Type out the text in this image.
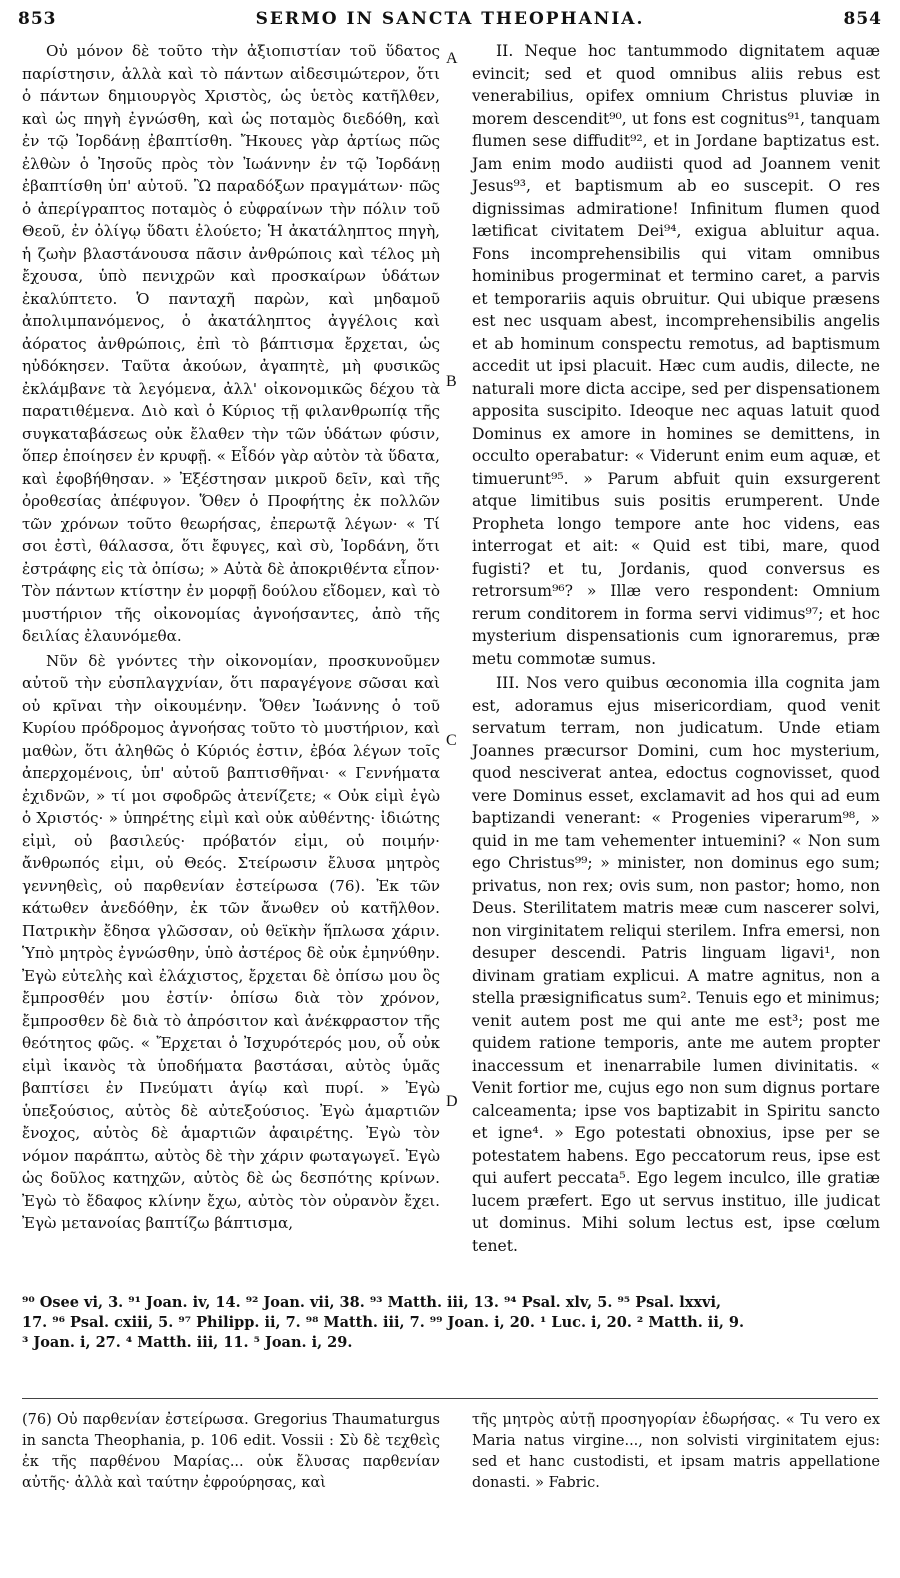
853	SERMO IN SANCTA THEOPHANIA.	854

Οὐ μόνον δὲ τοῦτο τὴν ἀξιοπιστίαν τοῦ ὕδατος παρίστησιν, ἀλλὰ καὶ τὸ πάντων αἰδεσιμώτερον, ὅτι ὁ πάντων δημιουργὸς Χριστὸς, ὡς ὑετὸς κατῆλθεν, καὶ ὡς πηγὴ ἐγνώσθη, καὶ ὡς ποταμὸς διεδόθη, καὶ ἐν τῷ Ἰορδάνῃ ἐβαπτίσθη. Ἤκουες γὰρ ἀρτίως πῶς ἐλθὼν ὁ Ἰησοῦς πρὸς τὸν Ἰωάννην ἐν τῷ Ἰορδάνῃ ἐβαπτίσθη ὑπ' αὐτοῦ. Ὢ παραδόξων πραγμάτων· πῶς ὁ ἀπερίγραπτος ποταμὸς ὁ εὐφραίνων τὴν πόλιν τοῦ Θεοῦ, ἐν ὀλίγῳ ὕδατι ἐλούετο; Ἡ ἀκατάληπτος πηγὴ, ἡ ζωὴν βλαστάνουσα πᾶσιν ἀνθρώποις καὶ τέλος μὴ ἔχουσα, ὑπὸ πενιχρῶν καὶ προσκαίρων ὑδάτων ἐκαλύπτετο. Ὁ πανταχῆ παρὼν, καὶ μηδαμοῦ ἀπολιμπανόμενος, ὁ ἀκατάληπτος ἀγγέλοις καὶ ἀόρατος ἀνθρώποις, ἐπὶ τὸ βάπτισμα ἔρχεται, ὡς ηὐδόκησεν. Ταῦτα ἀκούων, ἀγαπητὲ, μὴ φυσικῶς ἐκλάμβανε τὰ λεγόμενα, ἀλλ' οἰκονομικῶς δέχου τὰ παρατιθέμενα. Διὸ καὶ ὁ Κύριος τῇ φιλανθρωπίᾳ τῆς συγκαταβάσεως οὐκ ἔλαθεν τὴν τῶν ὑδάτων φύσιν, ὅπερ ἐποίησεν ἐν κρυφῇ. « Εἶδόν γὰρ αὐτὸν τὰ ὕδατα, καὶ ἐφοβήθησαν. » Ἐξέστησαν μικροῦ δεῖν, καὶ τῆς ὀροθεσίας ἀπέφυγον. Ὅθεν ὁ Προφήτης ἐκ πολλῶν τῶν χρόνων τοῦτο θεωρήσας, ἐπερωτᾷ λέγων· « Τί σοι ἐστὶ, θάλασσα, ὅτι ἔφυγες, καὶ σὺ, Ἰορδάνη, ὅτι ἐστράφης εἰς τὰ ὀπίσω; » Αὐτὰ δὲ ἀποκριθέντα εἶπον· Τὸν πάντων κτίστην ἐν μορφῇ δούλου εἴδομεν, καὶ τὸ μυστήριον τῆς οἰκονομίας ἀγνοήσαντες, ἀπὸ τῆς δειλίας ἐλαυνόμεθα.

Νῦν δὲ γνόντες τὴν οἰκονομίαν, προσκυνοῦμεν αὐτοῦ τὴν εὐσπλαγχνίαν, ὅτι παραγέγονε σῶσαι καὶ οὐ κρῖναι τὴν οἰκουμένην. Ὅθεν Ἰωάννης ὁ τοῦ Κυρίου πρόδρομος ἀγνοήσας τοῦτο τὸ μυστήριον, καὶ μαθὼν, ὅτι ἀληθῶς ὁ Κύριός ἐστιν, ἐβόα λέγων τοῖς ἀπερχομένοις, ὑπ' αὐτοῦ βαπτισθῆναι· « Γεννήματα ἐχιδνῶν, » τί μοι σφοδρῶς ἀτενίζετε; « Οὐκ εἰμὶ ἐγὼ ὁ Χριστός· » ὑπηρέτης εἰμὶ καὶ οὐκ αὐθέντης· ἰδιώτης εἰμὶ, οὐ βασιλεύς· πρόβατόν εἰμι, οὐ ποιμήν· ἄνθρωπός εἰμι, οὐ Θεός. Στείρωσιν ἔλυσα μητρὸς γεννηθεὶς, οὐ παρθενίαν ἐστείρωσα (76). Ἐκ τῶν κάτωθεν ἀνεδόθην, ἐκ τῶν ἄνωθεν οὐ κατῆλθον. Πατρικὴν ἔδησα γλῶσσαν, οὐ θεϊκὴν ἥπλωσα χάριν. Ὑπὸ μητρὸς ἐγνώσθην, ὑπὸ ἀστέρος δὲ οὐκ ἐμηνύθην. Ἐγὼ εὐτελὴς καὶ ἐλάχιστος, ἔρχεται δὲ ὀπίσω μου ὃς ἔμπροσθέν μου ἐστίν· ὀπίσω διὰ τὸν χρόνον, ἔμπροσθεν δὲ διὰ τὸ ἀπρόσιτον καὶ ἀνέκφραστον τῆς θεότητος φῶς. « Ἔρχεται ὁ Ἰσχυρότερός μου, οὗ οὐκ εἰμὶ ἱκανὸς τὰ ὑποδήματα βαστάσαι, αὐτὸς ὑμᾶς βαπτίσει ἐν Πνεύματι ἁγίῳ καὶ πυρί. » Ἐγὼ ὑπεξούσιος, αὐτὸς δὲ αὐτεξούσιος. Ἐγὼ ἁμαρτιῶν ἔνοχος, αὐτὸς δὲ ἁμαρτιῶν ἀφαιρέτης. Ἐγὼ τὸν νόμον παράπτω, αὐτὸς δὲ τὴν χάριν φωταγωγεῖ. Ἐγὼ ὡς δοῦλος κατηχῶν, αὐτὸς δὲ ὡς δεσπότης κρίνων. Ἐγὼ τὸ ἔδαφος κλίνην ἔχω, αὐτὸς τὸν οὐρανὸν ἔχει. Ἐγὼ μετανοίας βαπτίζω βάπτισμα,

A
B
C
D

II. Neque hoc tantummodo dignitatem aquæ evincit; sed et quod omnibus aliis rebus est venerabilius, opifex omnium Christus pluviæ in morem descendit⁹⁰, ut fons est cognitus⁹¹, tanquam flumen sese diffudit⁹², et in Jordane baptizatus est. Jam enim modo audiisti quod ad Joannem venit Jesus⁹³, et baptismum ab eo suscepit. O res dignissimas admiratione! Infinitum flumen quod lætificat civitatem Dei⁹⁴, exigua abluitur aqua. Fons incomprehensibilis qui vitam omnibus hominibus progerminat et termino caret, a parvis et temporariis aquis obruitur. Qui ubique præsens est nec usquam abest, incomprehensibilis angelis et ab hominum conspectu remotus, ad baptismum accedit ut ipsi placuit. Hæc cum audis, dilecte, ne naturali more dicta accipe, sed per dispensationem apposita suscipito. Ideoque nec aquas latuit quod Dominus ex amore in homines se demittens, in occulto operabatur: « Viderunt enim eum aquæ, et timuerunt⁹⁵. » Parum abfuit quin exsurgerent atque limitibus suis positis erumperent. Unde Propheta longo tempore ante hoc videns, eas interrogat et ait: « Quid est tibi, mare, quod fugisti? et tu, Jordanis, quod conversus es retrorsum⁹⁶? » Illæ vero respondent: Omnium rerum conditorem in forma servi vidimus⁹⁷; et hoc mysterium dispensationis cum ignoraremus, præ metu commotæ sumus.

III. Nos vero quibus œconomia illa cognita jam est, adoramus ejus misericordiam, quod venit servatum terram, non judicatum. Unde etiam Joannes præcursor Domini, cum hoc mysterium, quod nesciverat antea, edoctus cognovisset, quod vere Dominus esset, exclamavit ad hos qui ad eum baptizandi venerant: « Progenies viperarum⁹⁸, » quid in me tam vehementer intuemini? « Non sum ego Christus⁹⁹; » minister, non dominus ego sum; privatus, non rex; ovis sum, non pastor; homo, non Deus. Sterilitatem matris meæ cum nascerer solvi, non virginitatem reliqui sterilem. Infra emersi, non desuper descendi. Patris linguam ligavi¹, non divinam gratiam explicui. A matre agnitus, non a stella præsignificatus sum². Tenuis ego et minimus; venit autem post me qui ante me est³; post me quidem ratione temporis, ante me autem propter inaccessum et inenarrabile lumen divinitatis. « Venit fortior me, cujus ego non sum dignus portare calceamenta; ipse vos baptizabit in Spiritu sancto et igne⁴. » Ego potestati obnoxius, ipse per se potestatem habens. Ego peccatorum reus, ipse est qui aufert peccata⁵. Ego legem inculco, ille gratiæ lucem præfert. Ego ut servus instituo, ille judicat ut dominus. Mihi solum lectus est, ipse cœlum tenet.

⁹⁰ Osee vi, 3. ⁹¹ Joan. iv, 14. ⁹² Joan. vii, 38. ⁹³ Matth. iii, 13. ⁹⁴ Psal. xlv, 5. ⁹⁵ Psal. lxxvi,
17. ⁹⁶ Psal. cxiii, 5. ⁹⁷ Philipp. ii, 7. ⁹⁸ Matth. iii, 7. ⁹⁹ Joan. i, 20. ¹ Luc. i, 20. ² Matth. ii, 9.
³ Joan. i, 27. ⁴ Matth. iii, 11. ⁵ Joan. i, 29.
(76) Οὐ παρθενίαν ἐστείρωσα. Gregorius Thaumaturgus in sancta Theophania, p. 106 edit. Vossii : Σὺ δὲ τεχθεὶς ἐκ τῆς παρθένου Μαρίας... οὐκ ἔλυσας παρθενίαν αὐτῆς· ἀλλὰ καὶ ταύτην ἐφρούρησας, καὶ
τῆς μητρὸς αὐτῇ προσηγορίαν ἐδωρήσας. « Tu vero ex Maria natus virgine..., non solvisti virginitatem ejus: sed et hanc custodisti, et ipsam matris appellatione donasti. » Fabric.
